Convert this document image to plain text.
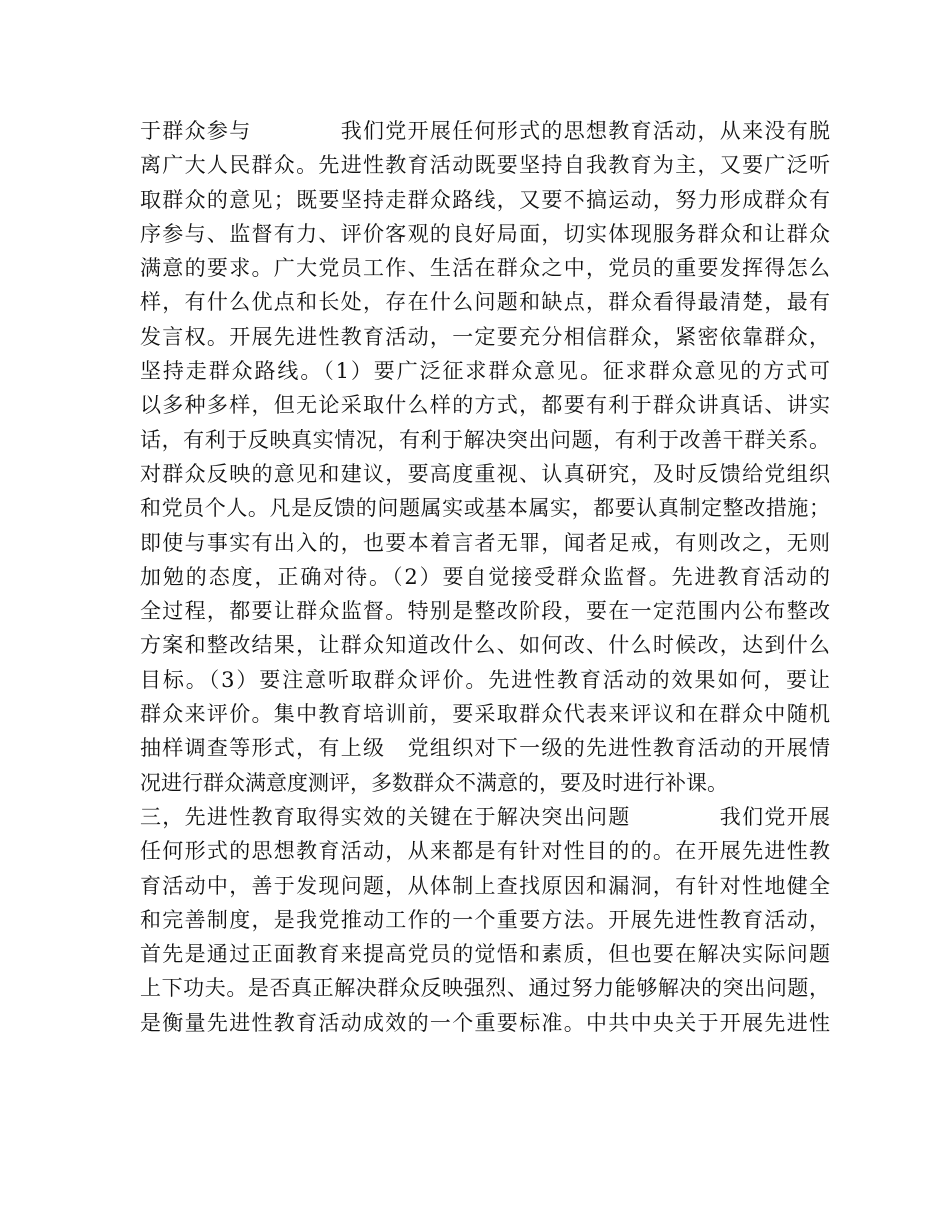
于群众参与　　　　我们党开展任何形式的思想教育活动，从来没有脱
离广大人民群众。先进性教育活动既要坚持自我教育为主，又要广泛听
取群众的意见；既要坚持走群众路线，又要不搞运动，努力形成群众有
序参与、监督有力、评价客观的良好局面，切实体现服务群众和让群众
满意的要求。广大党员工作、生活在群众之中，党员的重要发挥得怎么
样，有什么优点和长处，存在什么问题和缺点，群众看得最清楚，最有
发言权。开展先进性教育活动，一定要充分相信群众，紧密依靠群众，
坚持走群众路线。（1）要广泛征求群众意见。征求群众意见的方式可
以多种多样，但无论采取什么样的方式，都要有利于群众讲真话、讲实
话，有利于反映真实情况，有利于解决突出问题，有利于改善干群关系。
对群众反映的意见和建议，要高度重视、认真研究，及时反馈给党组织
和党员个人。凡是反馈的问题属实或基本属实，都要认真制定整改措施；
即使与事实有出入的，也要本着言者无罪，闻者足戒，有则改之，无则
加勉的态度，正确对待。（2）要自觉接受群众监督。先进教育活动的
全过程，都要让群众监督。特别是整改阶段，要在一定范围内公布整改
方案和整改结果，让群众知道改什么、如何改、什么时候改，达到什么
目标。（3）要注意听取群众评价。先进性教育活动的效果如何，要让
群众来评价。集中教育培训前，要采取群众代表来评议和在群众中随机
抽样调查等形式，有上级　党组织对下一级的先进性教育活动的开展情
况进行群众满意度测评，多数群众不满意的，要及时进行补课。
三，先进性教育取得实效的关键在于解决突出问题　　　　我们党开展
任何形式的思想教育活动，从来都是有针对性目的的。在开展先进性教
育活动中，善于发现问题，从体制上查找原因和漏洞，有针对性地健全
和完善制度，是我党推动工作的一个重要方法。开展先进性教育活动，
首先是通过正面教育来提高党员的觉悟和素质，但也要在解决实际问题
上下功夫。是否真正解决群众反映强烈、通过努力能够解决的突出问题，
是衡量先进性教育活动成效的一个重要标准。中共中央关于开展先进性
